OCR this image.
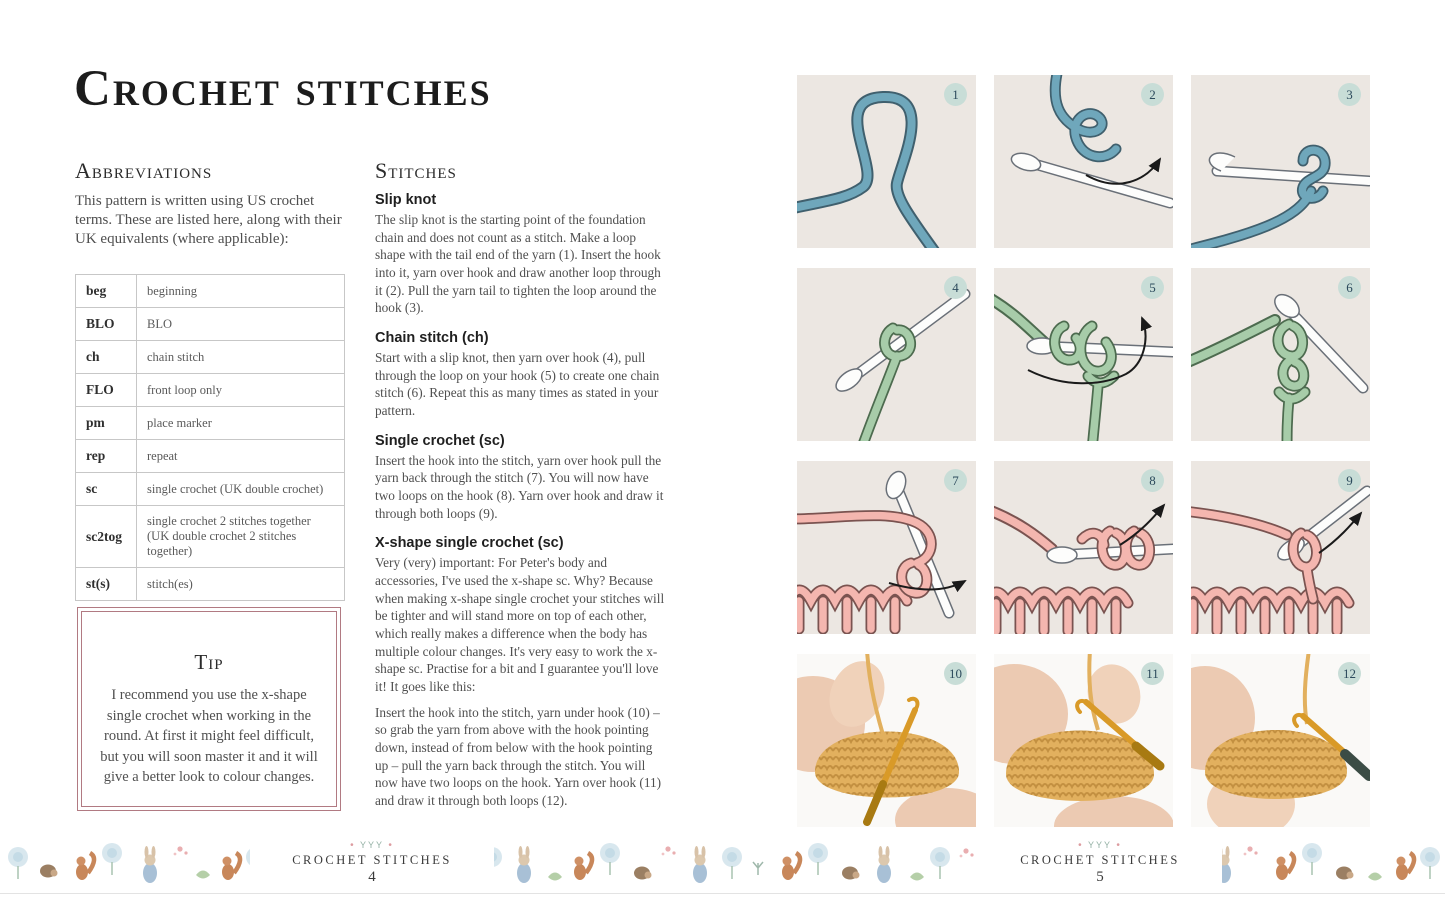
Crochet stitches
Abbreviations
This pattern is written using US crochet terms. These are listed here, along with their UK equivalents (where applicable):
beg	beginning
BLO	BLO
ch	chain stitch
FLO	front loop only
pm	place marker
rep	repeat
sc	single crochet (UK double crochet)
sc2tog	single crochet 2 stitches together (UK double crochet 2 stitches together)
st(s)	stitch(es)
Tip
I recommend you use the x-shape single crochet when working in the round. At first it might feel difficult, but you will soon master it and it will give a better look to colour changes.
Stitches
Slip knot

The slip knot is the starting point of the foundation chain and does not count as a stitch. Make a loop shape with the tail end of the yarn (1). Insert the hook into it, yarn over hook and draw another loop through it (2). Pull the yarn tail to tighten the loop around the hook (3).

Chain stitch (ch)

Start with a slip knot, then yarn over hook (4), pull through the loop on your hook (5) to create one chain stitch (6). Repeat this as many times as stated in your pattern.

Single crochet (sc)

Insert the hook into the stitch, yarn over hook pull the yarn back through the stitch (7). You will now have two loops on the hook (8). Yarn over hook and draw it through both loops (9).

X-shape single crochet (sc)

Very (very) important: For Peter's body and accessories, I've used the x-shape sc. Why? Because when making x-shape single crochet your stitches will be tighter and will stand more on top of each other, which really makes a difference when the body has multiple colour changes. It's very easy to work the x-shape sc. Practise for a bit and I guarantee you'll love it! It goes like this:

Insert the hook into the stitch, yarn under hook (10) – so grab the yarn from above with the hook pointing down, instead of from below with the hook pointing up – pull the yarn back through the stitch. You will now have two loops on the hook. Yarn over hook (11) and draw it through both loops (12).

1	2	3
4	5	6
7	8	9
10	11	12
• YYY •
CROCHET STITCHES
4
• YYY •
CROCHET STITCHES
5
